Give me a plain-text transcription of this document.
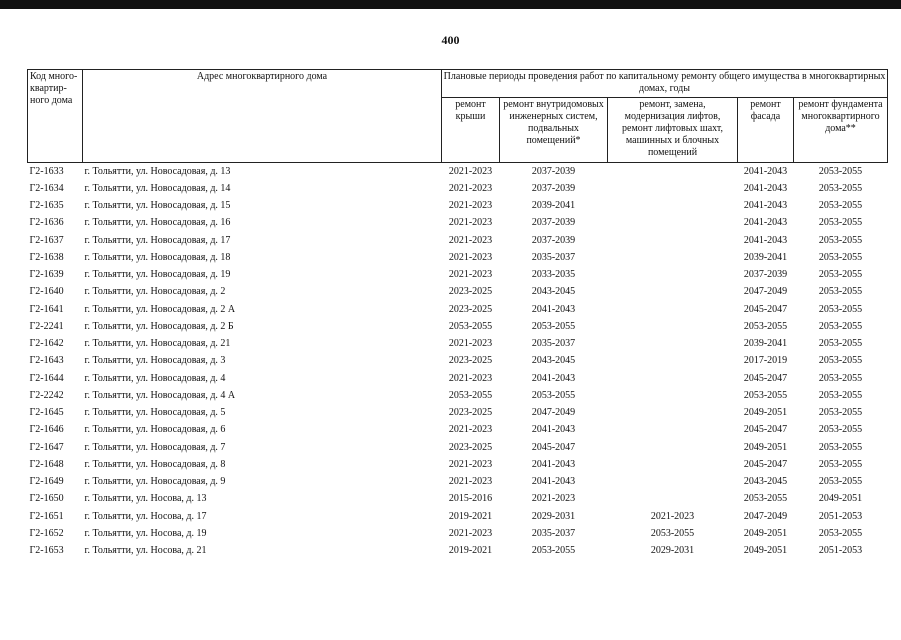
400
Код много-квартир-ного дома	Адрес многоквартирного дома	Плановые периоды проведения работ по капитальному ремонту общего имущества в многоквартирных домах, годы				
		ремонт крыши	ремонт внутридомовых инженерных систем, подвальных помещений*	ремонт, замена, модернизация лифтов, ремонт лифтовых шахт, машинных и блочных помещений	ремонт фасада	ремонт фундамента многоквартирного дома**
Г2-1633	г. Тольятти, ул. Новосадовая, д. 13	2021-2023	2037-2039		2041-2043	2053-2055
Г2-1634	г. Тольятти, ул. Новосадовая, д. 14	2021-2023	2037-2039		2041-2043	2053-2055
Г2-1635	г. Тольятти, ул. Новосадовая, д. 15	2021-2023	2039-2041		2041-2043	2053-2055
Г2-1636	г. Тольятти, ул. Новосадовая, д. 16	2021-2023	2037-2039		2041-2043	2053-2055
Г2-1637	г. Тольятти, ул. Новосадовая, д. 17	2021-2023	2037-2039		2041-2043	2053-2055
Г2-1638	г. Тольятти, ул. Новосадовая, д. 18	2021-2023	2035-2037		2039-2041	2053-2055
Г2-1639	г. Тольятти, ул. Новосадовая, д. 19	2021-2023	2033-2035		2037-2039	2053-2055
Г2-1640	г. Тольятти, ул. Новосадовая, д. 2	2023-2025	2043-2045		2047-2049	2053-2055
Г2-1641	г. Тольятти, ул. Новосадовая, д. 2 А	2023-2025	2041-2043		2045-2047	2053-2055
Г2-2241	г. Тольятти, ул. Новосадовая, д. 2 Б	2053-2055	2053-2055		2053-2055	2053-2055
Г2-1642	г. Тольятти, ул. Новосадовая, д. 21	2021-2023	2035-2037		2039-2041	2053-2055
Г2-1643	г. Тольятти, ул. Новосадовая, д. 3	2023-2025	2043-2045		2017-2019	2053-2055
Г2-1644	г. Тольятти, ул. Новосадовая, д. 4	2021-2023	2041-2043		2045-2047	2053-2055
Г2-2242	г. Тольятти, ул. Новосадовая, д. 4 А	2053-2055	2053-2055		2053-2055	2053-2055
Г2-1645	г. Тольятти, ул. Новосадовая, д. 5	2023-2025	2047-2049		2049-2051	2053-2055
Г2-1646	г. Тольятти, ул. Новосадовая, д. 6	2021-2023	2041-2043		2045-2047	2053-2055
Г2-1647	г. Тольятти, ул. Новосадовая, д. 7	2023-2025	2045-2047		2049-2051	2053-2055
Г2-1648	г. Тольятти, ул. Новосадовая, д. 8	2021-2023	2041-2043		2045-2047	2053-2055
Г2-1649	г. Тольятти, ул. Новосадовая, д. 9	2021-2023	2041-2043		2043-2045	2053-2055
Г2-1650	г. Тольятти, ул. Носова, д. 13	2015-2016	2021-2023		2053-2055	2049-2051
Г2-1651	г. Тольятти, ул. Носова, д. 17	2019-2021	2029-2031	2021-2023	2047-2049	2051-2053
Г2-1652	г. Тольятти, ул. Носова, д. 19	2021-2023	2035-2037	2053-2055	2049-2051	2053-2055
Г2-1653	г. Тольятти, ул. Носова, д. 21	2019-2021	2053-2055	2029-2031	2049-2051	2051-2053
